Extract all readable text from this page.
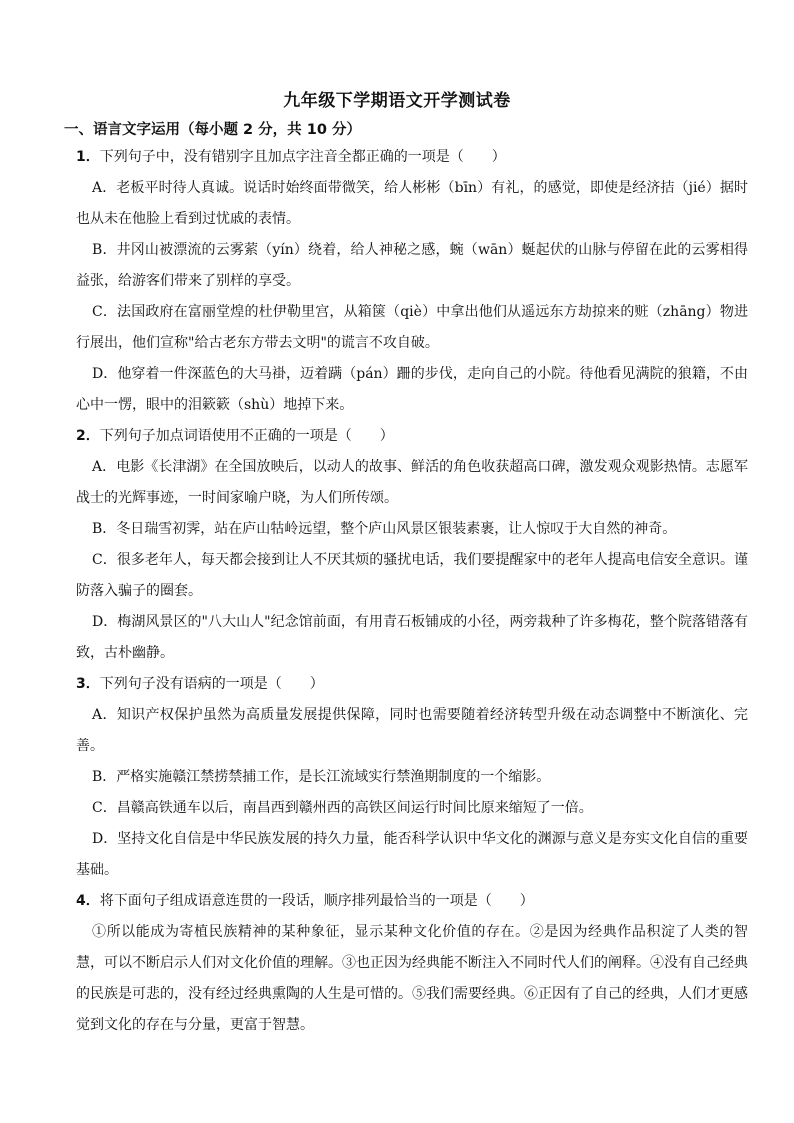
九年级下学期语文开学测试卷
一、语言文字运用（每小题 2 分，共 10 分）

1．下列句子中，没有错别字且加点字注音全都正确的一项是（　　）

A．老板平时待人真诚。说话时始终面带微笑，给人彬彬（bīn）有礼，的感觉，即使是经济拮（jié）据时也从未在他脸上看到过忧戚的表情。

B．井冈山被漂流的云雾萦（yín）绕着，给人神秘之感，蜿（wān）蜒起伏的山脉与停留在此的云雾相得益张，给游客们带来了别样的享受。

C．法国政府在富丽堂煌的杜伊勒里宫，从箱箧（qiè）中拿出他们从遥远东方劫掠来的赃（zhāng）物进行展出，他们宣称"给古老东方带去文明"的谎言不攻自破。

D．他穿着一件深蓝色的大马褂，迈着蹒（pán）跚的步伐，走向自己的小院。待他看见满院的狼籍，不由心中一愣，眼中的泪簌簌（shù）地掉下来。

2．下列句子加点词语使用不正确的一项是（　　）

A．电影《长津湖》在全国放映后，以动人的故事、鲜活的角色收获超高口碑，激发观众观影热情。志愿军战士的光辉事迹，一时间家喻户晓，为人们所传颂。

B．冬日瑞雪初霁，站在庐山牯岭远望，整个庐山风景区银装素裹，让人惊叹于大自然的神奇。

C．很多老年人，每天都会接到让人不厌其烦的骚扰电话，我们要提醒家中的老年人提高电信安全意识。谨防落入骗子的圈套。

D．梅湖风景区的"八大山人"纪念馆前面，有用青石板铺成的小径，两旁栽种了许多梅花，整个院落错落有致，古朴幽静。

3．下列句子没有语病的一项是（　　）

A．知识产权保护虽然为高质量发展提供保障，同时也需要随着经济转型升级在动态调整中不断演化、完善。

B．严格实施赣江禁捞禁捕工作，是长江流域实行禁渔期制度的一个缩影。

C．昌赣高铁通车以后，南昌西到赣州西的高铁区间运行时间比原来缩短了一倍。

D．坚持文化自信是中华民族发展的持久力量，能否科学认识中华文化的渊源与意义是夯实文化自信的重要基础。

4．将下面句子组成语意连贯的一段话，顺序排列最恰当的一项是（　　）

①所以能成为寄植民族精神的某种象征，显示某种文化价值的存在。②是因为经典作品积淀了人类的智慧，可以不断启示人们对文化价值的理解。③也正因为经典能不断注入不同时代人们的阐释。④没有自己经典的民族是可悲的，没有经过经典熏陶的人生是可惜的。⑤我们需要经典。⑥正因有了自己的经典，人们才更感觉到文化的存在与分量，更富于智慧。
